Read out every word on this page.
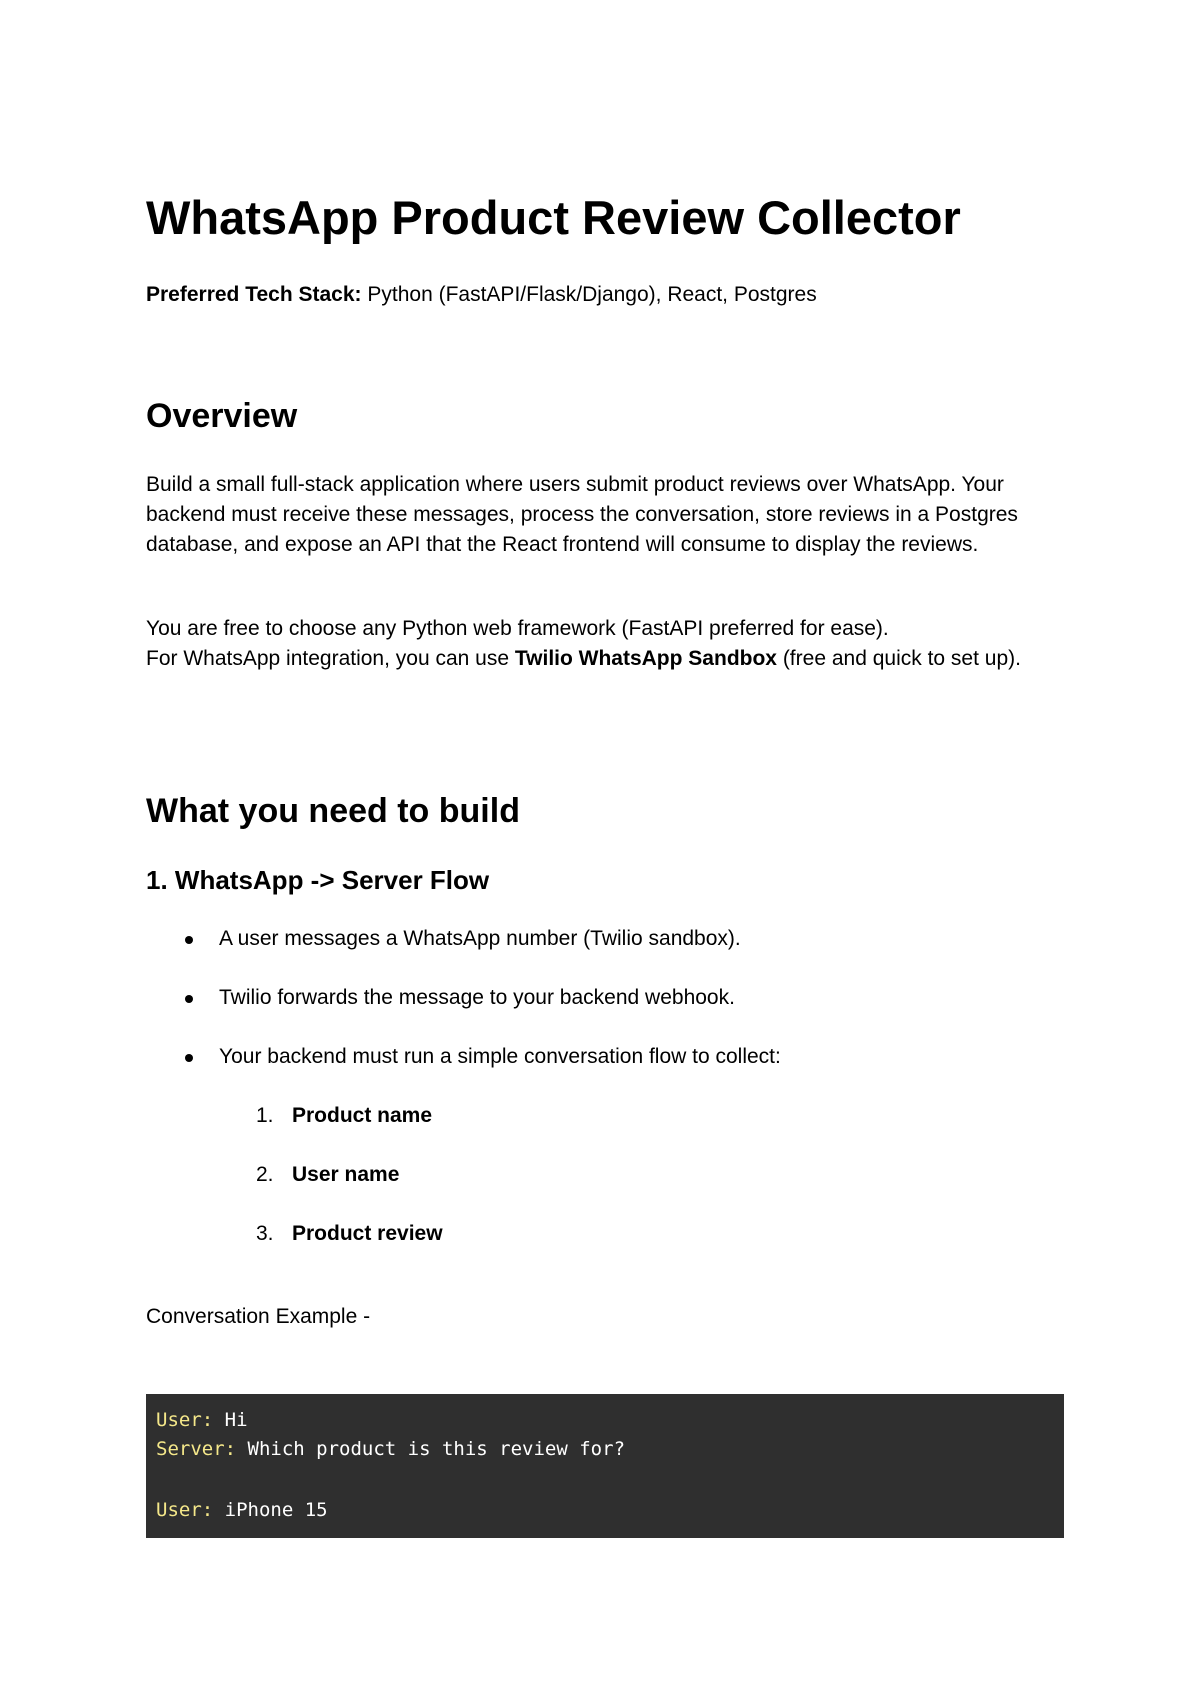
WhatsApp Product Review Collector

Preferred Tech Stack: Python (FastAPI/Flask/Django), React, Postgres

Overview

Build a small full-stack application where users submit product reviews over WhatsApp. Your backend must receive these messages, process the conversation, store reviews in a Postgres database, and expose an API that the React frontend will consume to display the reviews.

You are free to choose any Python web framework (FastAPI preferred for ease).
For WhatsApp integration, you can use Twilio WhatsApp Sandbox (free and quick to set up).

What you need to build
1. WhatsApp -> Server Flow
A user messages a WhatsApp number (Twilio sandbox).
Twilio forwards the message to your backend webhook.
Your backend must run a simple conversation flow to collect:
1. Product name
2. User name
3. Product review

Conversation Example -

User: Hi
Server: Which product is this review for?
User: iPhone 15
